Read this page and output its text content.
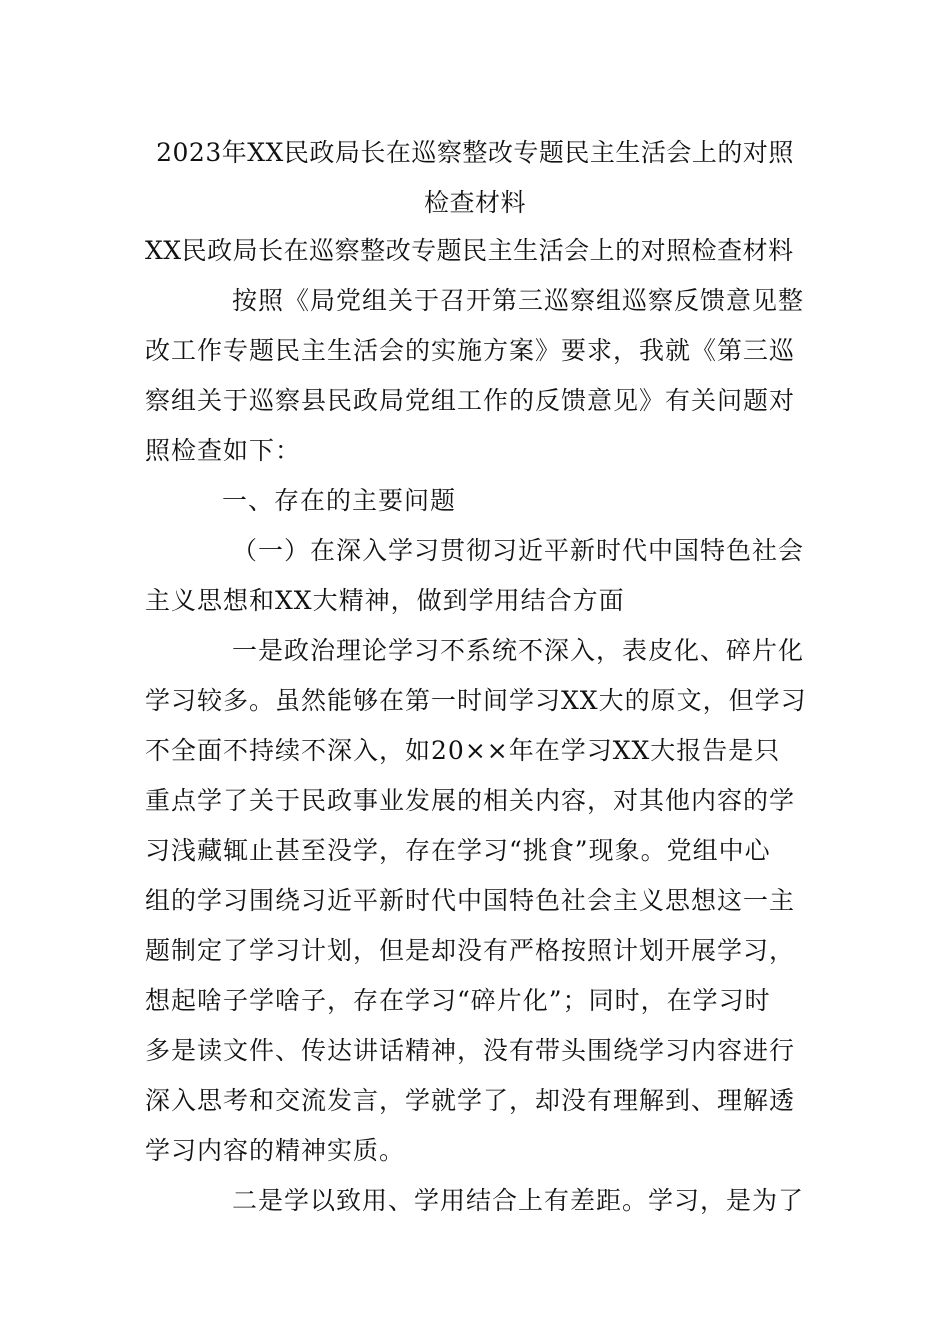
2023年XX民政局长在巡察整改专题民主生活会上的对照
检查材料
XX民政局长在巡察整改专题民主生活会上的对照检查材料
按照《局党组关于召开第三巡察组巡察反馈意见整
改工作专题民主生活会的实施方案》要求，我就《第三巡
察组关于巡察县民政局党组工作的反馈意见》有关问题对
照检查如下：
一、存在的主要问题
（一）在深入学习贯彻习近平新时代中国特色社会
主义思想和XX大精神，做到学用结合方面
一是政治理论学习不系统不深入，表皮化、碎片化
学习较多。虽然能够在第一时间学习XX大的原文，但学习
不全面不持续不深入，如20××年在学习XX大报告是只
重点学了关于民政事业发展的相关内容，对其他内容的学
习浅藏辄止甚至没学，存在学习“挑食”现象。党组中心
组的学习围绕习近平新时代中国特色社会主义思想这一主
题制定了学习计划，但是却没有严格按照计划开展学习，
想起啥子学啥子，存在学习“碎片化”；同时，在学习时
多是读文件、传达讲话精神，没有带头围绕学习内容进行
深入思考和交流发言，学就学了，却没有理解到、理解透
学习内容的精神实质。
二是学以致用、学用结合上有差距。学习，是为了
